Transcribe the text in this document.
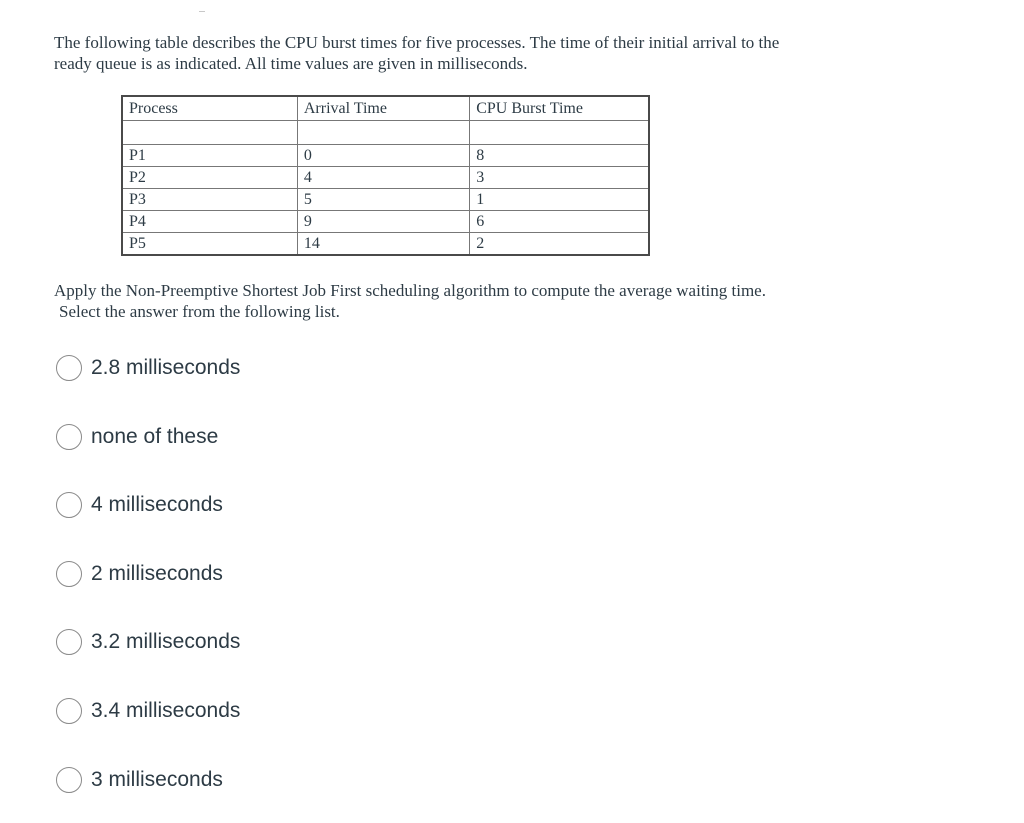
The following table describes the CPU burst times for five processes. The time of their initial arrival to the
ready queue is as indicated. All time values are given in milliseconds.
Process	Arrival Time	CPU Burst Time

P1	0	8
P2	4	3
P3	5	1
P4	9	6
P5	14	2
Apply the Non-Preemptive Shortest Job First scheduling algorithm to compute the average waiting time.
Select the answer from the following list.
2.8 milliseconds
none of these
4 milliseconds
2 milliseconds
3.2 milliseconds
3.4 milliseconds
3 milliseconds
